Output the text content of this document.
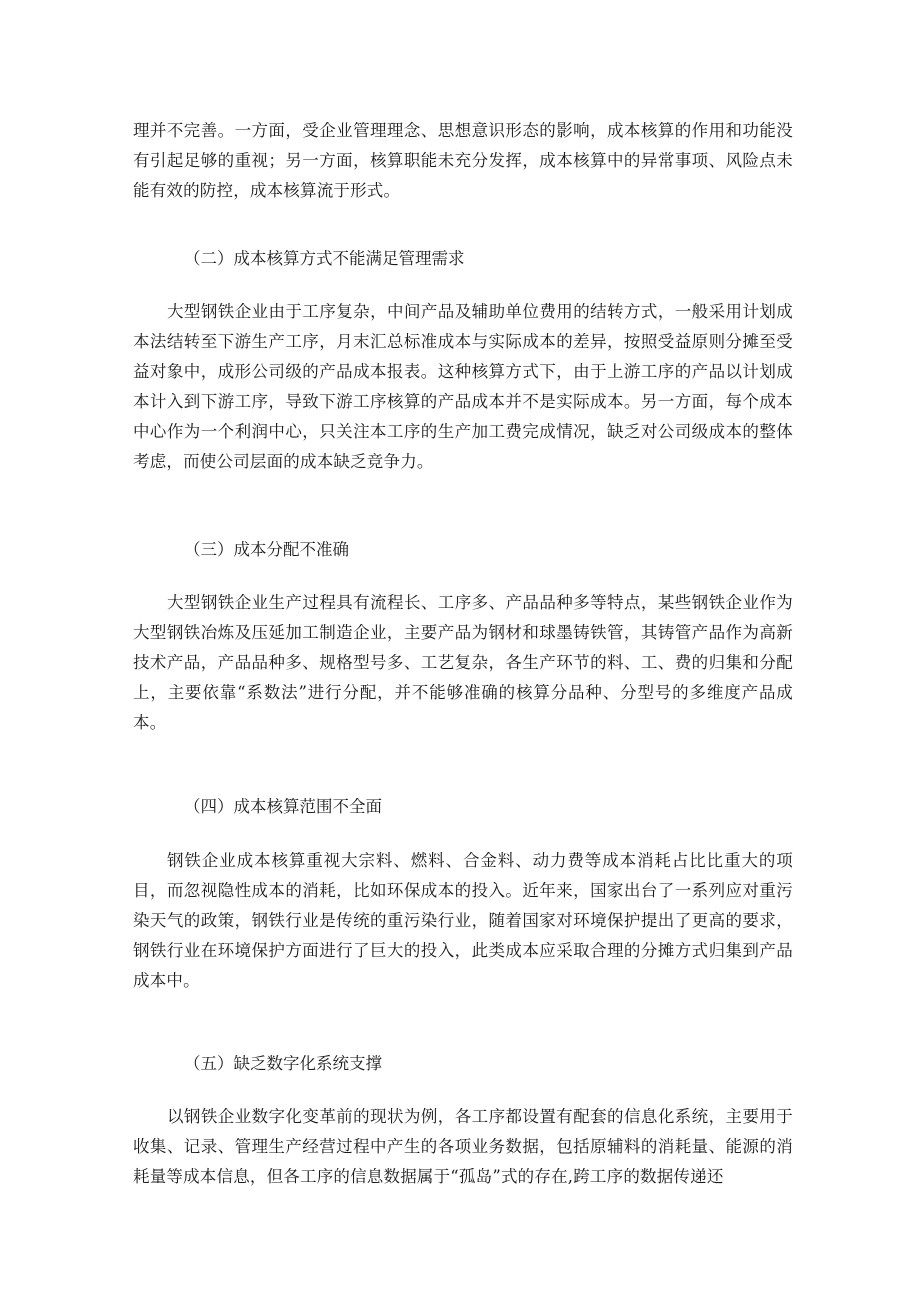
理并不完善。一方面，受企业管理理念、思想意识形态的影响，成本核算的作用和功能没有引起足够的重视；另一方面，核算职能未充分发挥，成本核算中的异常事项、风险点未能有效的防控，成本核算流于形式。

（二）成本核算方式不能满足管理需求

大型钢铁企业由于工序复杂，中间产品及辅助单位费用的结转方式，一般采用计划成本法结转至下游生产工序，月末汇总标准成本与实际成本的差异，按照受益原则分摊至受益对象中，成形公司级的产品成本报表。这种核算方式下，由于上游工序的产品以计划成本计入到下游工序，导致下游工序核算的产品成本并不是实际成本。另一方面，每个成本中心作为一个利润中心，只关注本工序的生产加工费完成情况，缺乏对公司级成本的整体考虑，而使公司层面的成本缺乏竞争力。

（三）成本分配不准确

大型钢铁企业生产过程具有流程长、工序多、产品品种多等特点，某些钢铁企业作为大型钢铁冶炼及压延加工制造企业，主要产品为钢材和球墨铸铁管，其铸管产品作为高新技术产品，产品品种多、规格型号多、工艺复杂，各生产环节的料、工、费的归集和分配上，主要依靠“系数法”进行分配，并不能够准确的核算分品种、分型号的多维度产品成本。

（四）成本核算范围不全面

钢铁企业成本核算重视大宗料、燃料、合金料、动力费等成本消耗占比比重大的项目，而忽视隐性成本的消耗，比如环保成本的投入。近年来，国家出台了一系列应对重污染天气的政策，钢铁行业是传统的重污染行业，随着国家对环境保护提出了更高的要求，钢铁行业在环境保护方面进行了巨大的投入，此类成本应采取合理的分摊方式归集到产品成本中。

（五）缺乏数字化系统支撑

以钢铁企业数字化变革前的现状为例，各工序都设置有配套的信息化系统，主要用于收集、记录、管理生产经营过程中产生的各项业务数据，包括原辅料的消耗量、能源的消耗量等成本信息，但各工序的信息数据属于“孤岛”式的存在,跨工序的数据传递还
